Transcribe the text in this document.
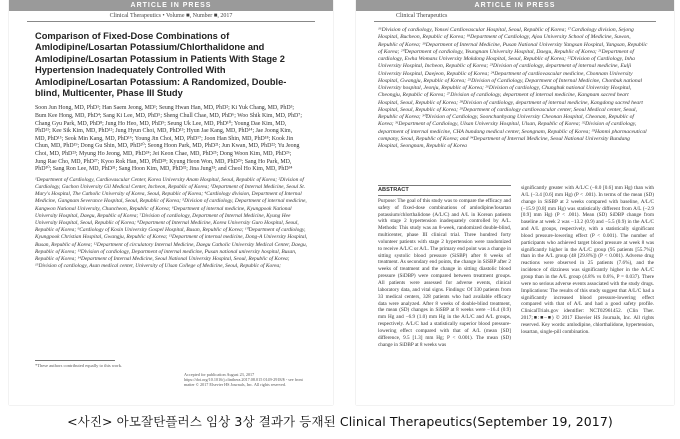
ARTICLE IN PRESS
Clinical Therapeutics • Volume ■, Number ■, 2017
Comparison of Fixed-Dose Combinations of Amlodipine/Losartan Potassium/Chlorthalidone and Amlodipine/Losartan Potassium in Patients With Stage 2 Hypertension Inadequately Controlled With Amlodipine/Losartan Potassium: A Randomized, Double-blind, Multicenter, Phase III Study
Soon Jun Hong, MD, PhD¹; Han Saem Jeong, MD¹; Seung Hwan Han, MD, PhD²; Ki Yuk Chang, MD, PhD³; Bum Kee Hong, MD, PhD⁴; Sang Ki Lee, MD, PhD⁵; Sheng Chull Chae, MD, PhD⁶; Woo Shik Kim, MD, PhD⁷; Chang Gyu Park, MD, PhD⁸; Jung Ho Heo, MD, PhD⁹; Seung Uk Lee, MD, PhD¹⁰; Young Dae Kim, MD, PhD¹¹; Kee Sik Kim, MD, PhD¹²; Jung Hyun Choi, MD, PhD¹³; Hyun Jae Kang, MD, PhD¹⁴; Jae Joong Kim, MD, PhD¹⁵; Seok Min Kang, MD, PhD¹⁶; Young Jin Choi, MD, PhD¹⁷; Joon Han Shin, MD, PhD¹⁸; Kook Jin Chun, MD, PhD¹⁹; Dong Gu Shin, MD, PhD²⁰; Seong Hoon Park, MD, PhD²¹; Jun Kwan, MD, PhD²²; Yu Jeong Choi, MD, PhD²³; Myung Ho Jeong, MD, PhD²⁴; Jei Keon Chae, MD, PhD²⁵; Dong Woon Kim, MD, PhD²⁶; Jung Rae Cho, MD, PhD²⁷; Kyoo Rok Han, MD, PhD²⁸; Kyung Heon Won, MD, PhD²⁹; Sang Ho Park, MD, PhD³⁰; Sang Ron Lee, MD, PhD³¹; Sang Hoon Kim, MD, PhD³²; Jina Jung³³; and Cheol Ho Kim, MD, PhD³⁴
¹Department of Cardiology, Cardiovascular Center, Korea University Anam Hospital, Seoul, Republic of Korea; ²Division of Cardiology, Gachon University Gil Medical Center, Incheon, Republic of Korea; ³Department of Internal Medicine, Seoul St. Mary's Hospital, The Catholic University of Korea, Seoul, Republic of Korea; ⁴Cardiology division, Department of Internal Medicine, Gangnam Severance Hospital, Seoul, Republic of Korea; ⁵Division of cardiology, Department of internal medicine, Kangwon National University, Chuncheon, Republic of Korea; ⁶Department of internal medicine, Kyungpook National University Hospital, Daegu, Republic of Korea; ⁷Division of cardiology, Department of Internal Medicine, Kyung Hee University Hospital, Seoul, Republic of Korea; ⁸Department of Internal Medicine, Korea University Guro Hospital, Seoul, Republic of Korea; ⁹Cardiology of Kosin University Gospel Hospital, Busan, Republic of Korea; ¹⁰Department of cardiology, Kyungpook Christian Hospital, Gwangju, Republic of Korea; ¹¹Department of internal medicine, Dong-A University Hospital, Busan, Republic of Korea; ¹²Department of circulatory Internal Medicine, Daegu Catholic University Medical Center, Daegu, Republic of Korea; ¹³Division of cardiology, Department of internal medicine, Pusan national university hospital, Busan, Republic of Korea; ¹⁴Department of Internal Medicine, Seoul National University Hospital, Seoul, Republic of Korea; ¹⁵Division of cardiology, Asan medical center, University of Ulsan College of Medicine, Seoul, Republic of Korea;
*These authors contributed equally to this work.
Accepted for publication August 23, 2017 https://doi.org/10.1016/j.clinthera.2017.08.015 0149-2918/$ - see front matter © 2017 Elsevier HS Journals, Inc. All rights reserved.
ARTICLE IN PRESS
Clinical Therapeutics
¹⁶Division of cardiology, Yonsei Cardiovascular Hospital, Seoul, Republic of Korea; ¹⁷Cardiology division, Sejong Hospital, Bucheon, Republic of Korea; ¹⁸Department of Cardiology, Ajou University School of Medicine, Suwon, Republic of Korea; ¹⁹Department of Internal Medicine, Pusan National University Yangsan Hospital, Yangsan, Republic of Korea; ²⁰Department of cardiology, Yeungnam University Hospital, Daegu, Republic of Korea; ²¹Department of cardiology, Ewha Womans University Mokdong Hospital, Seoul, Republic of Korea; ²²Division of Cardiology, Inha University Hospital, Incheon, Republic of Korea; ²³Division of cardiology, department of internal medicine, Eulji University Hospital, Daejeon, Republic of Korea; ²⁴Department of cardiovascular medicine, Chonnam University Hospital, Gwangju, Republic of Korea; ²⁵Division of Cardiology, Department of Internal Medicine, Chonbuk national University hospital, Jeonju, Republic of Korea; ²⁶Division of cardiology, Chungbuk national University Hospital, Cheongju, Republic of Korea; ²⁷Division of cardiology, department of internal medicine, Kangnam sacred heart Hospital, Seoul, Republic of Korea; ²⁸Division of cardiology, department of internal medicine, Kangdong sacred heart Hospital, Seoul, Republic of Korea; ²⁹Department of cardiology cardiovascular center, Seoul Medical center, Seoul, Republic of Korea; ³⁰Division of Cardiology, Soonchunhyang University Cheonan Hospital, Cheonan, Republic of Korea; ³¹Department of Cardiology, Ulsan University Hospital, Ulsan, Republic of Korea; ³²Division of cardiology, department of internal medicine, CHA bundang medical center, Seongnam, Republic of Korea; ³³Hanmi pharmaceutical company, Seoul, Republic of Korea; and ³⁴Department of Internal Medicine, Seoul National University Bundang Hospital, Seongnam, Republic of Korea
ABSTRACT
Purpose: The goal of this study was to compare the efficacy and safety of fixed-dose combinations of amlodipine/losartan potassium/chlorthalidone (A/L/C) and A/L in Korean patients with stage 2 hypertension inadequately controlled by A/L. Methods: This study was an 8-week, randomized double-blind, multicenter, phase III clinical trial. Three hundred forty volunteer patients with stage 2 hypertension were randomized to receive A/L/C or A/L. The primary end point was a change in sitting systolic blood pressure (SiSBP) after 8 weeks of treatment. As secondary end points, the change in SiSBP after 2 weeks of treatment and the change in sitting diastolic blood pressure (SiDBP) were compared between treatment groups. All patients were assessed for adverse events, clinical laboratory data, and vital signs. Findings: Of 330 patients from 33 medical centers, 328 patients who had available efficacy data were analyzed. After 8 weeks of double-blind treatment, the mean (SD) changes in SiSBP at 8 weeks were −16.4 (0.9) mm Hg and −6.9 (1.0) mm Hg in the A/L/C and A/L groups, respectively. A/L/C had a statistically superior blood pressure-lowering effect compared with that of A/L (mean [SD] difference, 9.5 [1.3] mm Hg; P < 0.001). The mean (SD) change in SiDBP at 8 weeks was
significantly greater with A/L/C (−8.0 [0.6] mm Hg) than with A/L (−3.4 [0.6] mm Hg) (P < .001). In terms of the mean (SD) change in SiSBP at 2 weeks compared with baseline, A/L/C (−15.9 [0.8] mm Hg) was statistically different from A/L (−2.9 [0.9] mm Hg) (P < .001). Mean (SD) SiDBP change from baseline at week 2 was −13.2 (0.9) and −5.5 (0.9) in the A/L/C and A/L groups, respectively, with a statistically significant blood pressure-lowering effect (P < 0.001). The number of participants who achieved target blood pressure at week 8 was significantly higher in the A/L/C group (95 patients [55.7%]) than in the A/L group (48 [29.8%]) (P < 0.001). Adverse drug reactions were observed in 25 patients (7.6%), and the incidence of dizziness was significantly higher in the A/L/C group than in the A/L group (4.8% vs 0.6%, P = 0.037). There were no serious adverse events associated with the study drugs. Implications: The results of this study suggest that A/L/C had a significantly increased blood pressure-lowering effect compared with that of A/L and had a good safety profile. ClinicalTrials.gov identifier: NCT02961452. (Clin Ther. 2017;■:■–■) © 2017 Elsevier HS Journals, Inc. All rights reserved. Key words: amlodipine, chlorthalidone, hypertension, losartan, single-pill combination.
<사진> 아모잘탄플러스 임상 3상 결과가 등재된 Clinical Therapeutics(September 19, 2017)
